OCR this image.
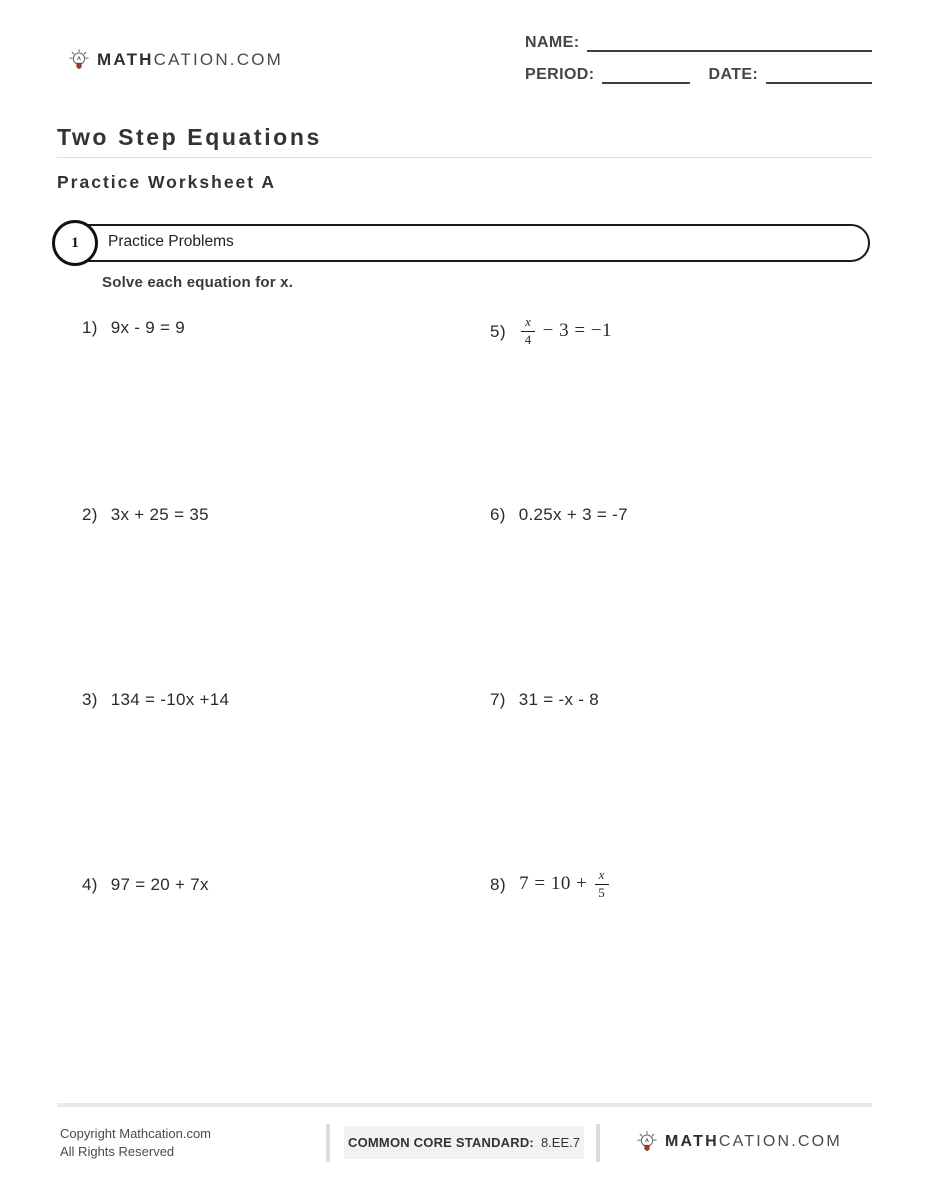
MATHCATION.COM
NAME:
PERIOD:	DATE:
Two Step Equations
Practice Worksheet A
1	Practice Problems
Solve each equation for x.
1) 9x - 9 = 9
2) 3x + 25 = 35
3) 134 = -10x +14
4) 97 = 20 + 7x
$5) \frac{x}{4} - 3 = -1$
6) 0.25x + 3 = -7
7) 31 = -x - 8
8) $7 = 10 + \frac{x}{5}$
Copyright Mathcation.com
All Rights Reserved
COMMON CORE STANDARD: 8.EE.7	MATHCATION.COM
